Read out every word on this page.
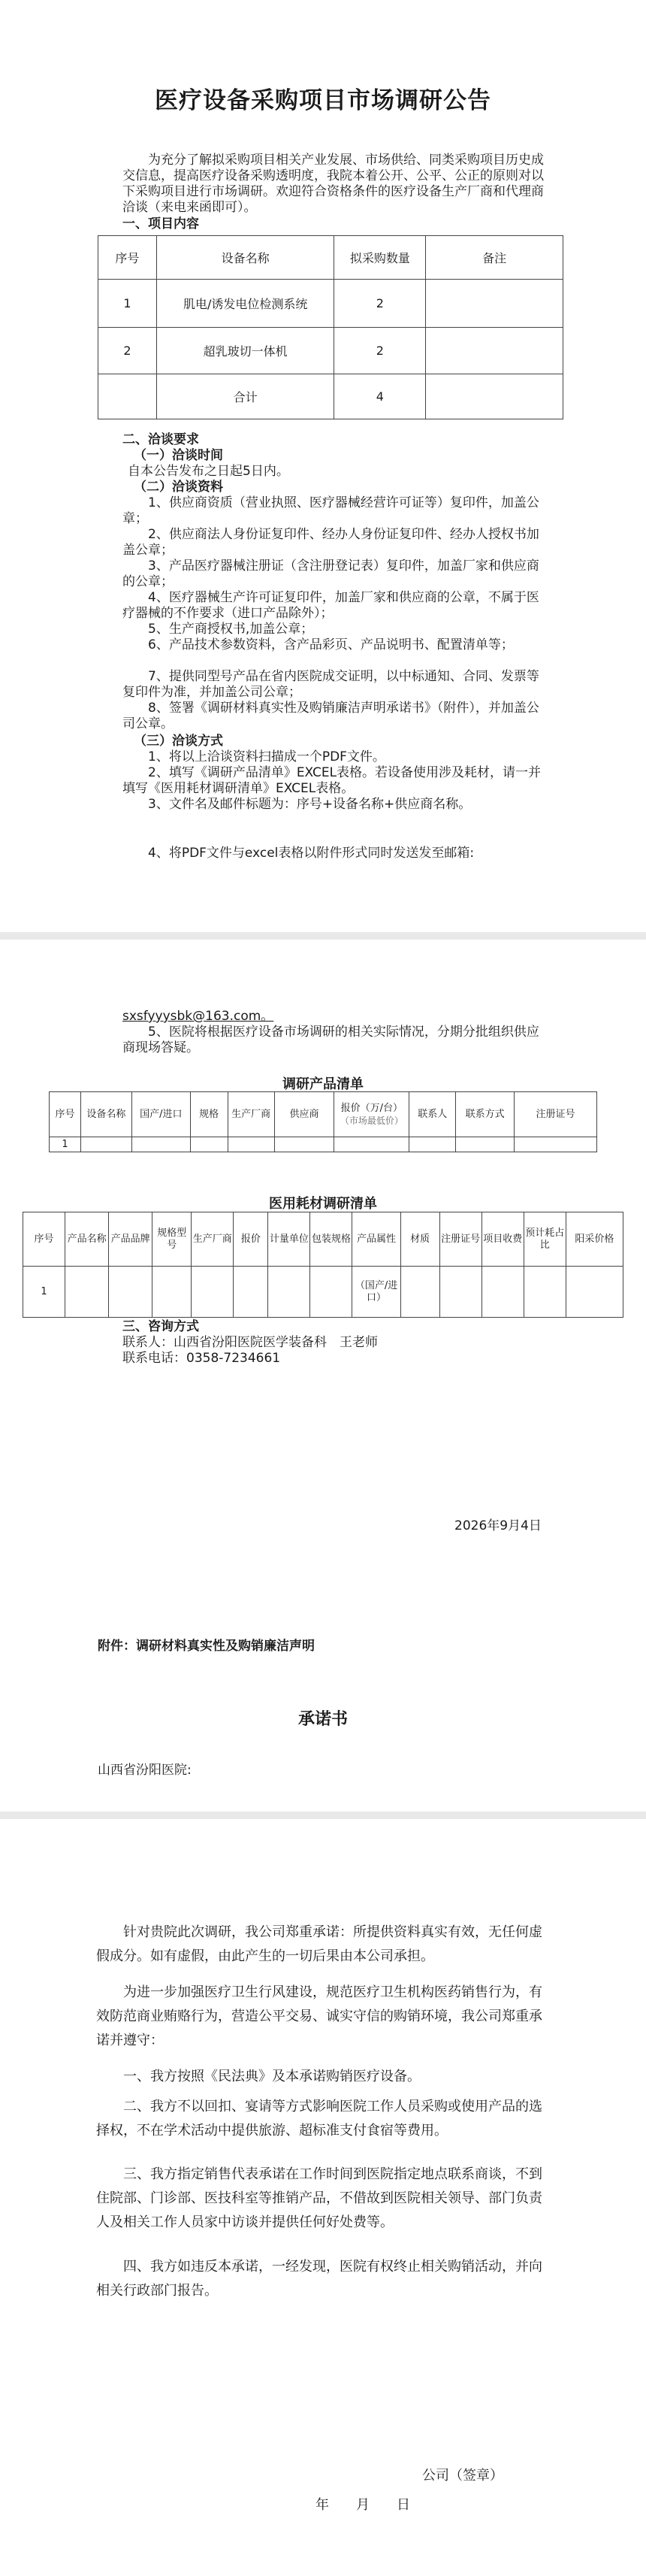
医疗设备采购项目市场调研公告
为充分了解拟采购项目相关产业发展、市场供给、同类采购项目历史成交信息，提高医疗设备采购透明度，我院本着公开、公平、公正的原则对以下采购项目进行市场调研。欢迎符合资格条件的医疗设备生产厂商和代理商洽谈（来电来函即可）。
一、项目内容
序号	设备名称	拟采购数量	备注
1	肌电/诱发电位检测系统	2	
2	超乳玻切一体机	2	
	合计	4	
二、洽谈要求
（一）洽谈时间
自本公告发布之日起5日内。
（二）洽谈资料
1、供应商资质（营业执照、医疗器械经营许可证等）复印件，加盖公章；
2、供应商法人身份证复印件、经办人身份证复印件、经办人授权书加盖公章；
3、产品医疗器械注册证（含注册登记表）复印件，加盖厂家和供应商的公章；
4、医疗器械生产许可证复印件，加盖厂家和供应商的公章，不属于医疗器械的不作要求（进口产品除外）；
5、生产商授权书,加盖公章；
6、产品技术参数资料，含产品彩页、产品说明书、配置清单等；
7、提供同型号产品在省内医院成交证明，以中标通知、合同、发票等复印件为准，并加盖公司公章；
8、签署《调研材料真实性及购销廉洁声明承诺书》（附件），并加盖公司公章。
（三）洽谈方式
1、将以上洽谈资料扫描成一个PDF文件。
2、填写《调研产品清单》EXCEL表格。若设备使用涉及耗材，请一并填写《医用耗材调研清单》EXCEL表格。
3、文件名及邮件标题为：序号+设备名称+供应商名称。
4、将PDF文件与excel表格以附件形式同时发送发至邮箱:
sxsfyyysbk@163.com。
5、医院将根据医疗设备市场调研的相关实际情况，分期分批组织供应商现场答疑。
调研产品清单
序号	设备名称	国产/进口	规格	生产厂商	供应商	报价（万/台）
（市场最低价）	联系人	联系方式	注册证号
1									
医用耗材调研清单
序号	产品名称	产品品牌	规格型号	生产厂商	报价	计量单位	包装规格	产品属性	材质	注册证号	项目收费	预计耗占比	阳采价格
1								（国产/进口）					
三、咨询方式
联系人：山西省汾阳医院医学装备科　王老师
联系电话：0358-7234661
2026年9月4日
附件：调研材料真实性及购销廉洁声明
承诺书
山西省汾阳医院:
针对贵院此次调研，我公司郑重承诺：所提供资料真实有效，无任何虚假成分。如有虚假，由此产生的一切后果由本公司承担。
为进一步加强医疗卫生行风建设，规范医疗卫生机构医药销售行为，有效防范商业贿赂行为，营造公平交易、诚实守信的购销环境，我公司郑重承诺并遵守：
一、我方按照《民法典》及本承诺购销医疗设备。
二、我方不以回扣、宴请等方式影响医院工作人员采购或使用产品的选择权，不在学术活动中提供旅游、超标准支付食宿等费用。
三、我方指定销售代表承诺在工作时间到医院指定地点联系商谈，不到住院部、门诊部、医技科室等推销产品，不借故到医院相关领导、部门负责人及相关工作人员家中访谈并提供任何好处费等。
四、我方如违反本承诺，一经发现，医院有权终止相关购销活动，并向相关行政部门报告。
公司（签章）
年　　月　　日
